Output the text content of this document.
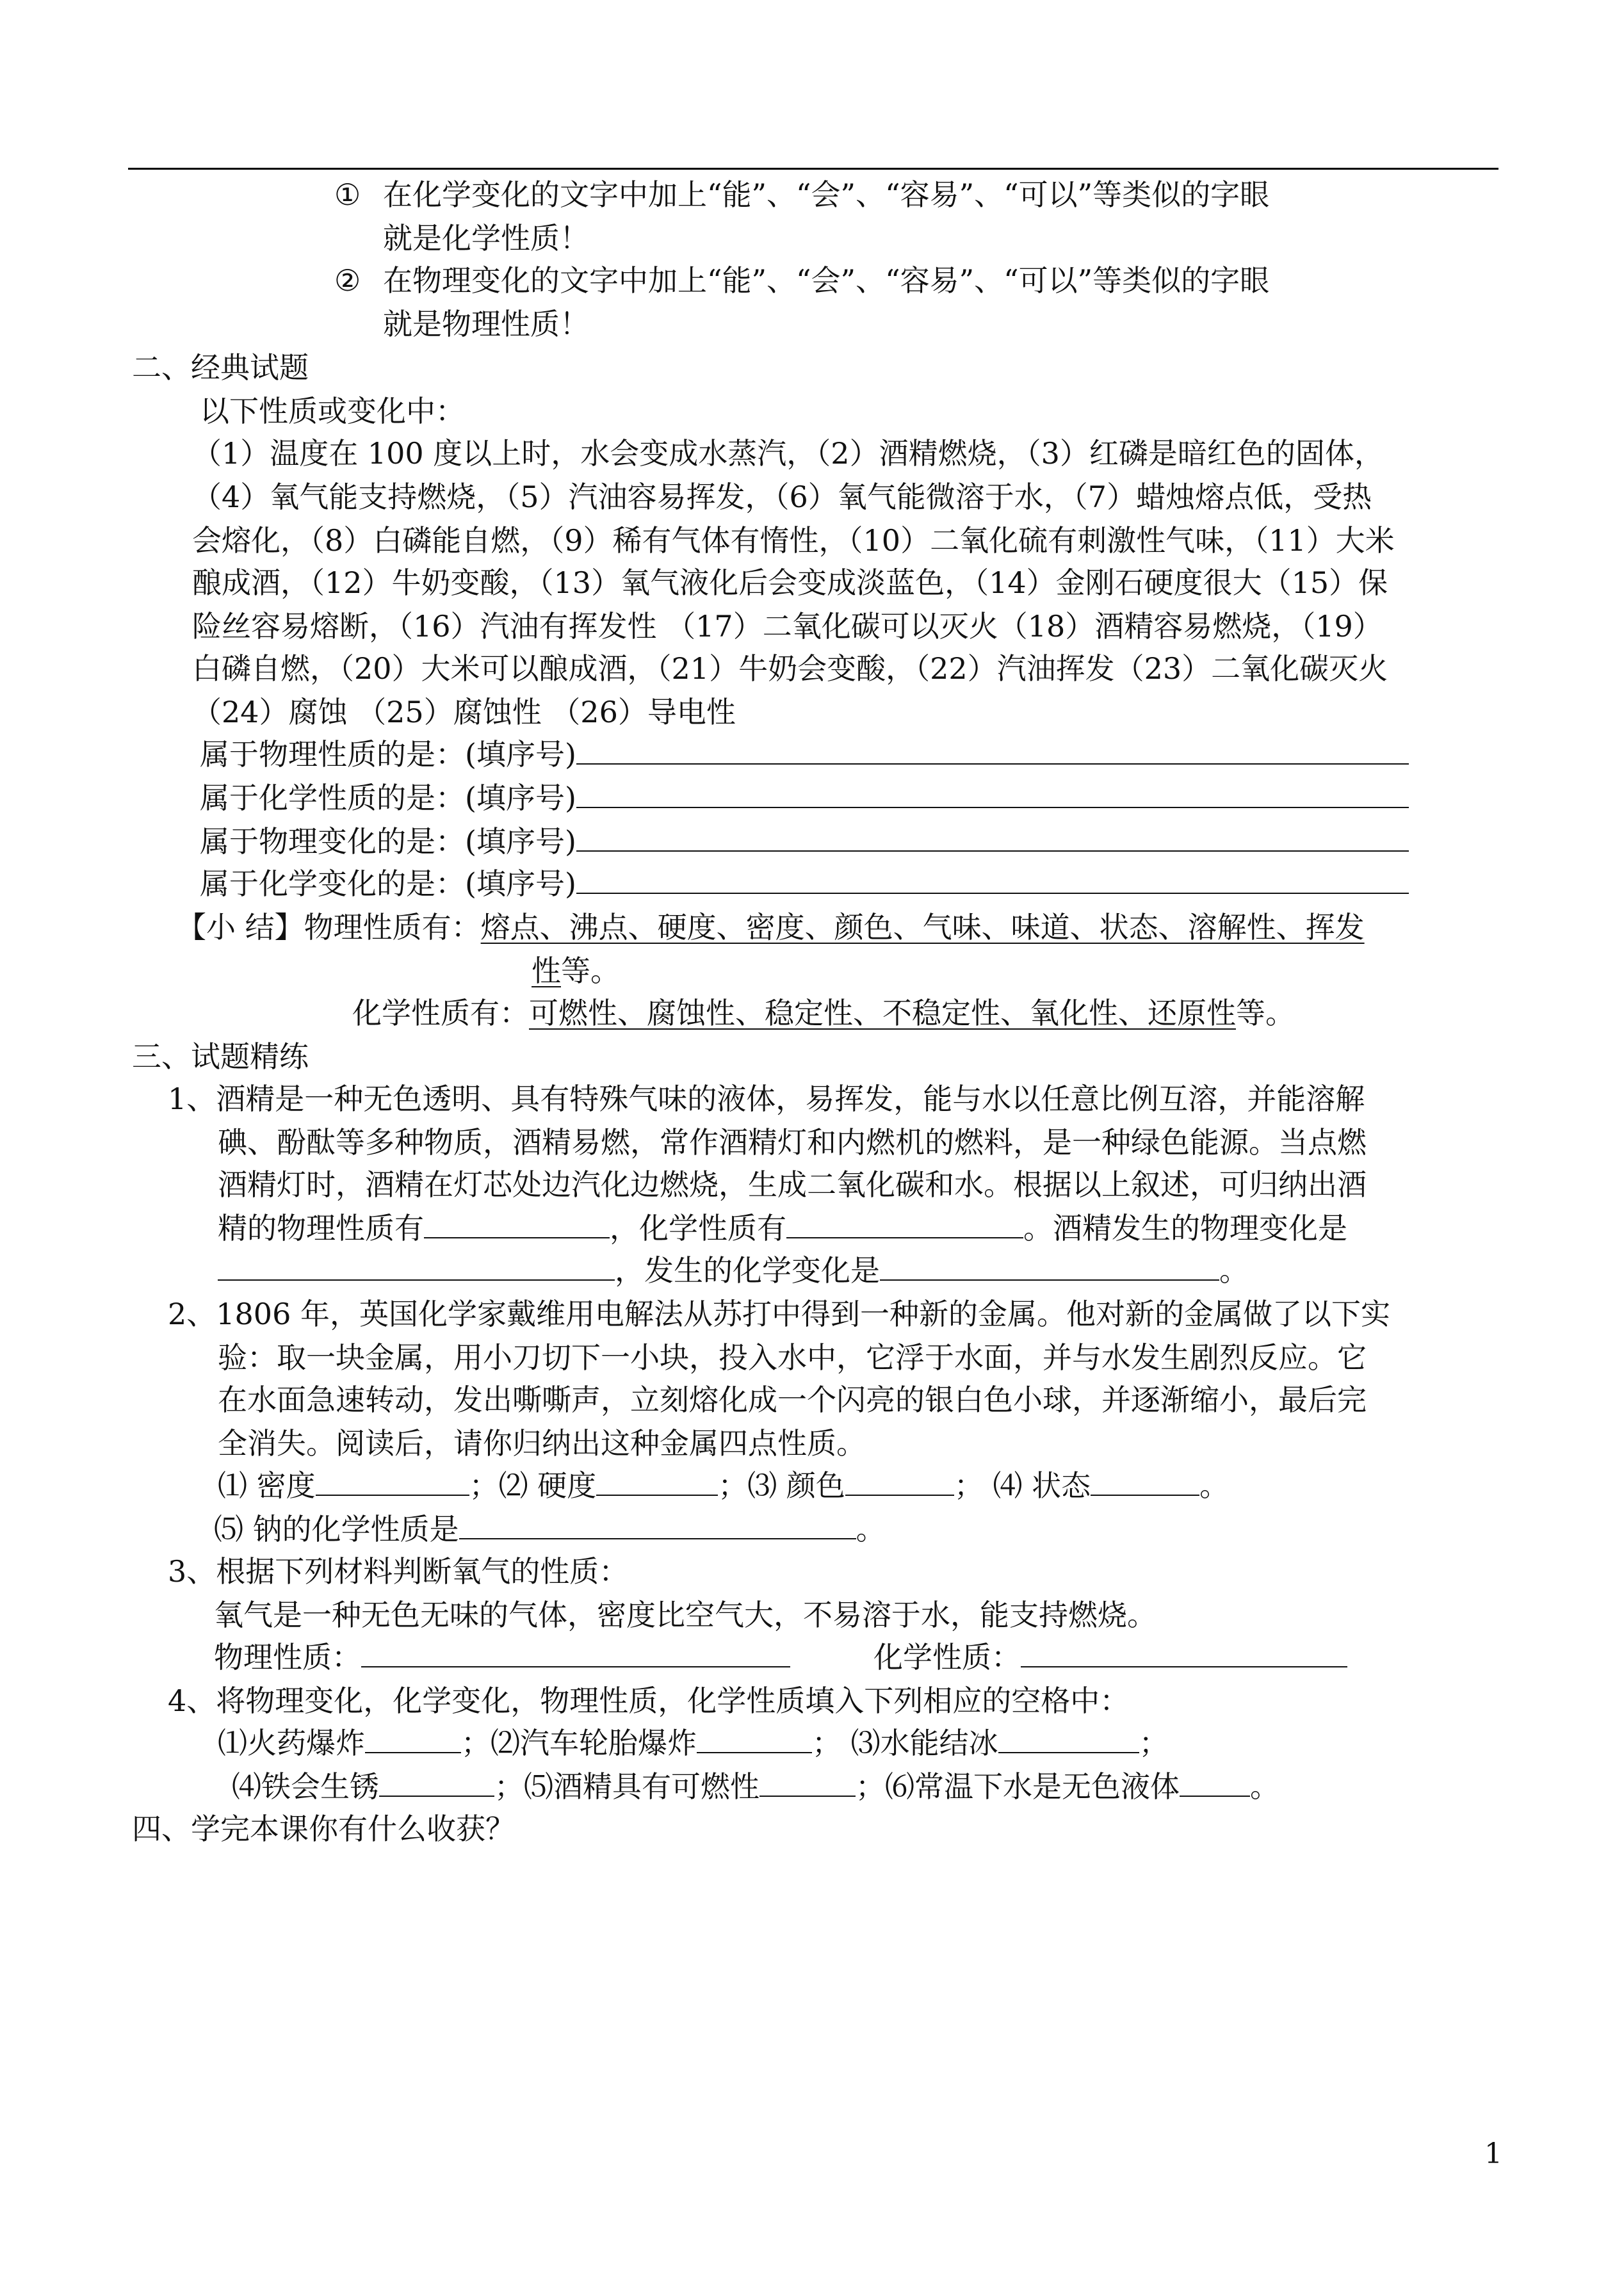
① 在化学变化的文字中加上“能”、“会”、“容易”、“可以”等类似的字眼
就是化学性质！
② 在物理变化的文字中加上“能”、“会”、“容易”、“可以”等类似的字眼
就是物理性质！
二、经典试题
以下性质或变化中：
（1）温度在 100 度以上时，水会变成水蒸汽，（2）酒精燃烧，（3）红磷是暗红色的固体，
（4）氧气能支持燃烧，（5）汽油容易挥发，（6）氧气能微溶于水，（7）蜡烛熔点低，受热
会熔化，（8）白磷能自燃，（9）稀有气体有惰性，（10）二氧化硫有刺激性气味，（11）大米
酿成酒，（12）牛奶变酸，（13）氧气液化后会变成淡蓝色，（14）金刚石硬度很大（15）保
险丝容易熔断，（16）汽油有挥发性 （17）二氧化碳可以灭火（18）酒精容易燃烧，（19）
白磷自燃，（20）大米可以酿成酒，（21）牛奶会变酸，（22）汽油挥发（23）二氧化碳灭火
（24）腐蚀 （25）腐蚀性 （26）导电性
属于物理性质的是：(填序号)
属于化学性质的是：(填序号)
属于物理变化的是：(填序号)
属于化学变化的是：(填序号)
【小 结】物理性质有：熔点、沸点、硬度、密度、颜色、气味、味道、状态、溶解性、挥发
性等。
化学性质有：可燃性、腐蚀性、稳定性、不稳定性、氧化性、还原性等。
三、试题精练
1、酒精是一种无色透明、具有特殊气味的液体，易挥发，能与水以任意比例互溶，并能溶解
碘、酚酞等多种物质，酒精易燃，常作酒精灯和内燃机的燃料，是一种绿色能源。当点燃
酒精灯时，酒精在灯芯处边汽化边燃烧，生成二氧化碳和水。根据以上叙述，可归纳出酒
精的物理性质有	，化学性质有	。酒精发生的物理变化是
，发生的化学变化是	。
2、1806 年，英国化学家戴维用电解法从苏打中得到一种新的金属。他对新的金属做了以下实
验：取一块金属，用小刀切下一小块，投入水中，它浮于水面，并与水发生剧烈反应。它
在水面急速转动，发出嘶嘶声，立刻熔化成一个闪亮的银白色小球，并逐渐缩小，最后完
全消失。阅读后，请你归纳出这种金属四点性质。
⑴ 密度	；⑵ 硬度	；⑶ 颜色	； ⑷ 状态	。
⑸ 钠的化学性质是	。
3、根据下列材料判断氧气的性质：
氧气是一种无色无味的气体，密度比空气大，不易溶于水，能支持燃烧。
物理性质：	化学性质：
4、将物理变化，化学变化，物理性质，化学性质填入下列相应的空格中：
⑴火药爆炸	；⑵汽车轮胎爆炸	； ⑶水能结冰	；
⑷铁会生锈	；⑸酒精具有可燃性	；⑹常温下水是无色液体 。
四、学完本课你有什么收获？
1
